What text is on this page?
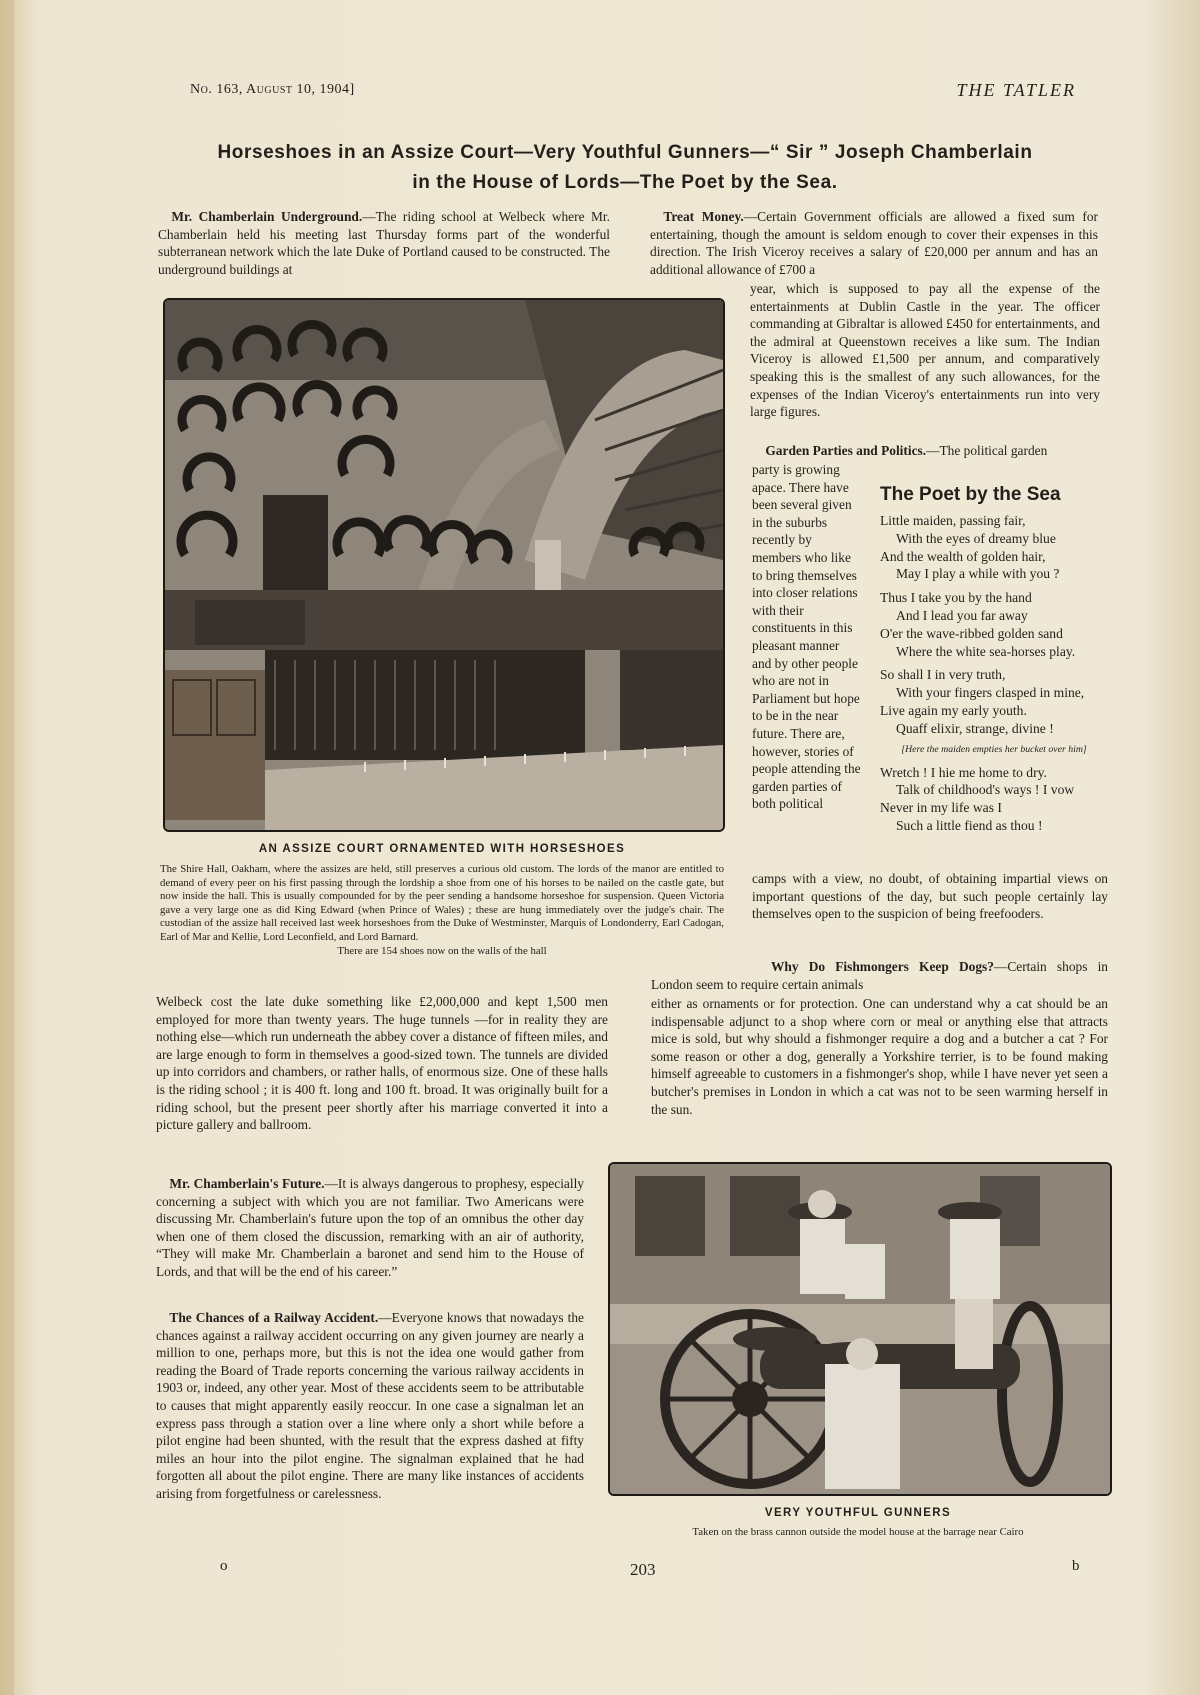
No. 163, August 10, 1904]	THE TATLER
Horseshoes in an Assize Court—Very Youthful Gunners—“ Sir ” Joseph Chamberlain
in the House of Lords—The Poet by the Sea.

 Mr. Chamberlain Underground.—The riding school at Welbeck where Mr. Chamberlain held his meeting last Thursday forms part of the wonderful subterranean network which the late Duke of Portland caused to be constructed. The underground buildings at

AN ASSIZE COURT ORNAMENTED WITH HORSESHOES
The Shire Hall, Oakham, where the assizes are held, still preserves a curious old custom. The lords of the manor are entitled to demand of every peer on his first passing through the lordship a shoe from one of his horses to be nailed on the castle gate, but now inside the hall. This is usually compounded for by the peer sending a handsome horseshoe for suspension. Queen Victoria gave a very large one as did King Edward (when Prince of Wales) ; these are hung immediately over the judge's chair. The custodian of the assize hall received last week horseshoes from the Duke of Westminster, Marquis of Londonderry, Earl Cadogan, Earl of Mar and Kellie, Lord Leconfield, and Lord Barnard.
There are 154 shoes now on the walls of the hall

Welbeck cost the late duke something like £2,000,000 and kept 1,500 men employed for more than twenty years. The huge tunnels —for in reality they are nothing else—which run underneath the abbey cover a distance of fifteen miles, and are large enough to form in themselves a good-sized town. The tunnels are divided up into corridors and chambers, or rather halls, of enormous size. One of these halls is the riding school ; it is 400 ft. long and 100 ft. broad. It was originally built for a riding school, but the present peer shortly after his marriage converted it into a picture gallery and ballroom.

 Mr. Chamberlain's Future.—It is always dangerous to prophesy, especially concerning a subject with which you are not familiar. Two Americans were discussing Mr. Chamberlain's future upon the top of an omnibus the other day when one of them closed the discussion, remarking with an air of authority, “They will make Mr. Chamberlain a baronet and send him to the House of Lords, and that will be the end of his career.”

 The Chances of a Railway Accident.—Everyone knows that nowadays the chances against a railway accident occurring on any given journey are nearly a million to one, perhaps more, but this is not the idea one would gather from reading the Board of Trade reports concerning the various railway accidents in 1903 or, indeed, any other year. Most of these accidents seem to be attributable to causes that might apparently easily reoccur. In one case a signalman let an express pass through a station over a line where only a short while before a pilot engine had been shunted, with the result that the express dashed at fifty miles an hour into the pilot engine. The signalman explained that he had forgotten all about the pilot engine. There are many like instances of accidents arising from forgetfulness or carelessness.

 Treat Money.—Certain Government officials are allowed a fixed sum for entertaining, though the amount is seldom enough to cover their expenses in this direction. The Irish Viceroy receives a salary of £20,000 per annum and has an additional allowance of £700 a

year, which is supposed to pay all the expense of the entertainments at Dublin Castle in the year. The officer commanding at Gibraltar is allowed £450 for entertainments, and the admiral at Queenstown receives a like sum. The Indian Viceroy is allowed £1,500 per annum, and comparatively speaking this is the smallest of any such allowances, for the expenses of the Indian Viceroy's entertainments run into very large figures.

 Garden Parties and Politics.—The political garden

party is growing apace. There have been several given in the suburbs recently by members who like to bring themselves into closer relations with their constituents in this pleasant manner and by other people who are not in Parliament but hope to be in the near future. There are, however, stories of people attending the garden parties of both political

camps with a view, no doubt, of obtaining impartial views on important questions of the day, but such people certainly lay themselves open to the suspicion of being freefooders.

The Poet by the Sea
Little maiden, passing fair,
With the eyes of dreamy blue
And the wealth of golden hair,
May I play a while with you ?
Thus I take you by the hand
And I lead you far away
O'er the wave-ribbed golden sand
Where the white sea-horses play.
So shall I in very truth,
With your fingers clasped in mine,
Live again my early youth.
Quaff elixir, strange, divine !
[Here the maiden empties her bucket over him]
Wretch ! I hie me home to dry.
Talk of childhood's ways ! I vow
Never in my life was I
Such a little fiend as thou !

Why Do Fishmongers Keep Dogs?—Certain shops in London seem to require certain animals

either as ornaments or for protection. One can understand why a cat should be an indispensable adjunct to a shop where corn or meal or anything else that attracts mice is sold, but why should a fishmonger require a dog and a butcher a cat ? For some reason or other a dog, generally a Yorkshire terrier, is to be found making himself agreeable to customers in a fishmonger's shop, while I have never yet seen a butcher's premises in London in which a cat was not to be seen warming herself in the sun.

VERY YOUTHFUL GUNNERS
Taken on the brass cannon outside the model house at the barrage near Cairo
o	203	b
